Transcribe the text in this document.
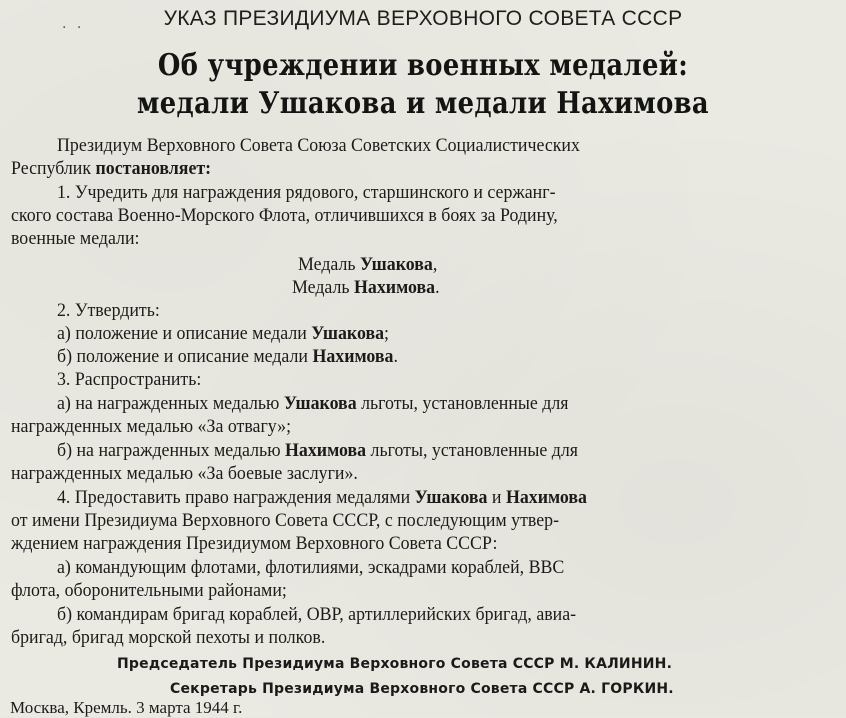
. .	УКАЗ ПРЕЗИДИУМА ВЕРХОВНОГО СОВЕТА СССР
Об учреждении военных медалей:
медали Ушакова и медали Нахимова
Президиум Верховного Совета Союза Советских Социалистических
Республик постановляет:
1. Учредить для награждения рядового, старшинского и сержанг-
ского состава Военно-Морского Флота, отличившихся в боях за Родину,
военные медали:
Медаль Ушакова,
Медаль Нахимова.
2. Утвердить:
а) положение и описание медали Ушакова;
б) положение и описание медали Нахимова.
3. Распространить:
а) на награжденных медалью Ушакова льготы, установленные для
награжденных медалью «За отвагу»;
б) на награжденных медалью Нахимова льготы, установленные для
награжденных медалью «За боевые заслуги».
4. Предоставить право награждения медалями Ушакова и Нахимова
от имени Президиума Верховного Совета СССР, с последующим утвер-
ждением награждения Президиумом Верховного Совета СССР:
а) командующим флотами, флотилиями, эскадрами кораблей, ВВС
флота, оборонительными районами;
б) командирам бригад кораблей, ОВР, артиллерийских бригад, авиа-
бригад, бригад морской пехоты и полков.
Председатель Президиума Верховного Совета СССР М. КАЛИНИН.
Секретарь Президиума Верховного Совета СССР А. ГОРКИН.
Москва, Кремль. 3 марта 1944 г.
